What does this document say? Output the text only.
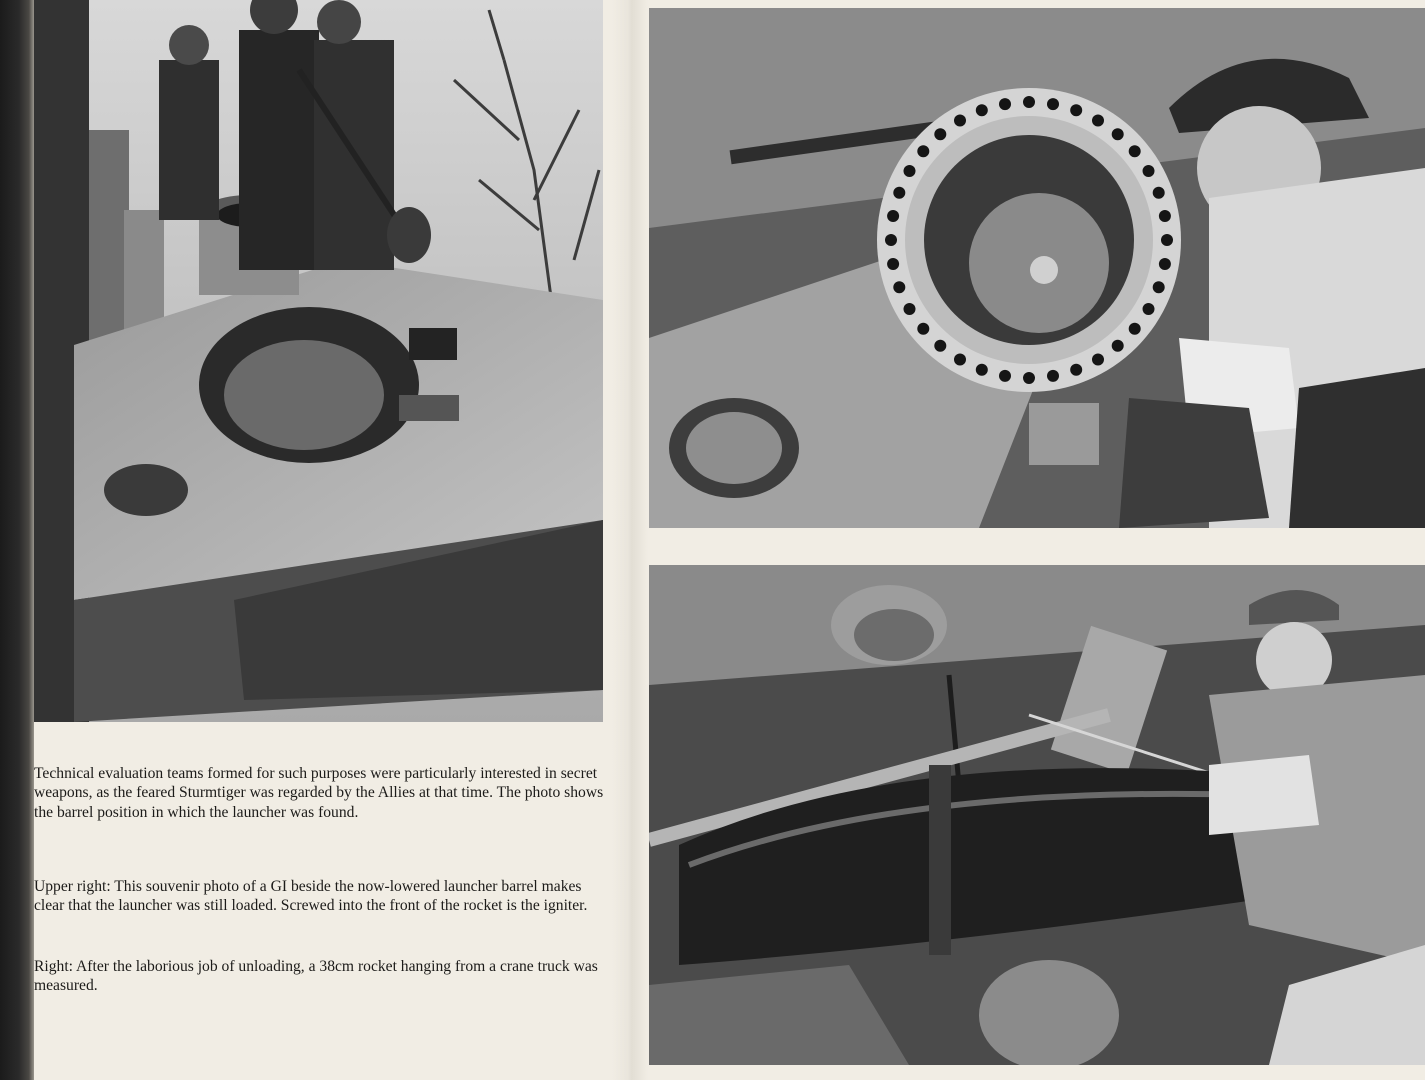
Technical evaluation teams formed for such purposes were particularly interested in secret weapons, as the feared Sturmtiger was regarded by the Allies at that time. The photo shows the barrel position in which the launcher was found.

Upper right: This souvenir photo of a GI beside the now-lowered launcher barrel makes clear that the launcher was still loaded. Screwed into the front of the rocket is the igniter.

Right: After the laborious job of unloading, a 38cm rocket hanging from a crane truck was measured.
